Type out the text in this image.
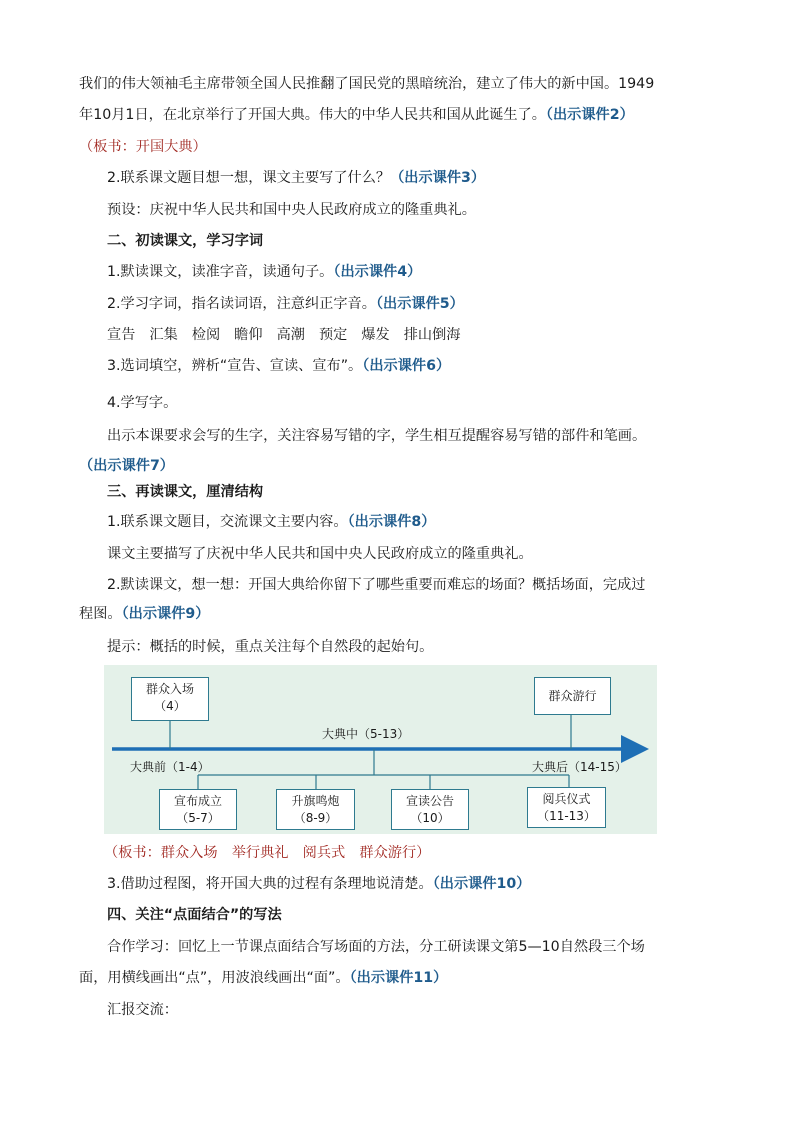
我们的伟大领袖毛主席带领全国人民推翻了国民党的黑暗统治，建立了伟大的新中国。1949
年10月1日，在北京举行了开国大典。伟大的中华人民共和国从此诞生了。（出示课件2）
（板书：开国大典）
2.联系课文题目想一想，课文主要写了什么？（出示课件3）
预设：庆祝中华人民共和国中央人民政府成立的隆重典礼。
二、初读课文，学习字词
1.默读课文，读准字音，读通句子。（出示课件4）
2.学习字词，指名读词语，注意纠正字音。（出示课件5）
宣告 汇集 检阅 瞻仰 高潮 预定 爆发 排山倒海
3.选词填空，辨析“宣告、宣读、宣布”。（出示课件6）
4.学写字。
出示本课要求会写的生字，关注容易写错的字，学生相互提醒容易写错的部件和笔画。
（出示课件7）
三、再读课文，厘清结构
1.联系课文题目，交流课文主要内容。（出示课件8）
课文主要描写了庆祝中华人民共和国中央人民政府成立的隆重典礼。
2.默读课文，想一想：开国大典给你留下了哪些重要而难忘的场面？概括场面，完成过
程图。（出示课件9）
提示：概括的时候，重点关注每个自然段的起始句。
群众入场
（4）
群众游行
大典中（5-13）
大典前（1-4）	大典后（14-15）
宣布成立
（5-7）
升旗鸣炮
（8-9）
宣读公告
（10）
阅兵仪式
（11-13）
（板书：群众入场　举行典礼　阅兵式　群众游行）
3.借助过程图，将开国大典的过程有条理地说清楚。（出示课件10）
四、关注“点面结合”的写法
合作学习：回忆上一节课点面结合写场面的方法，分工研读课文第5—10自然段三个场
面，用横线画出“点”，用波浪线画出“面”。（出示课件11）
汇报交流：
